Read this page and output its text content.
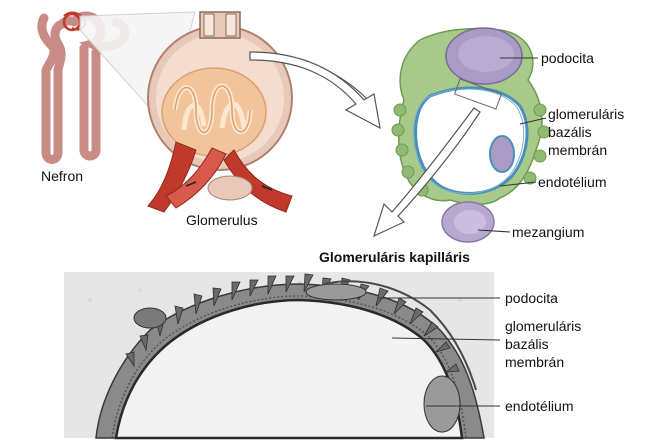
Nefron
Glomerulus
podocita
glomeruláris
bazális
membrán
endotélium
mezangium
Glomeruláris kapilláris
podocita
glomeruláris
bazális
membrán
endotélium
